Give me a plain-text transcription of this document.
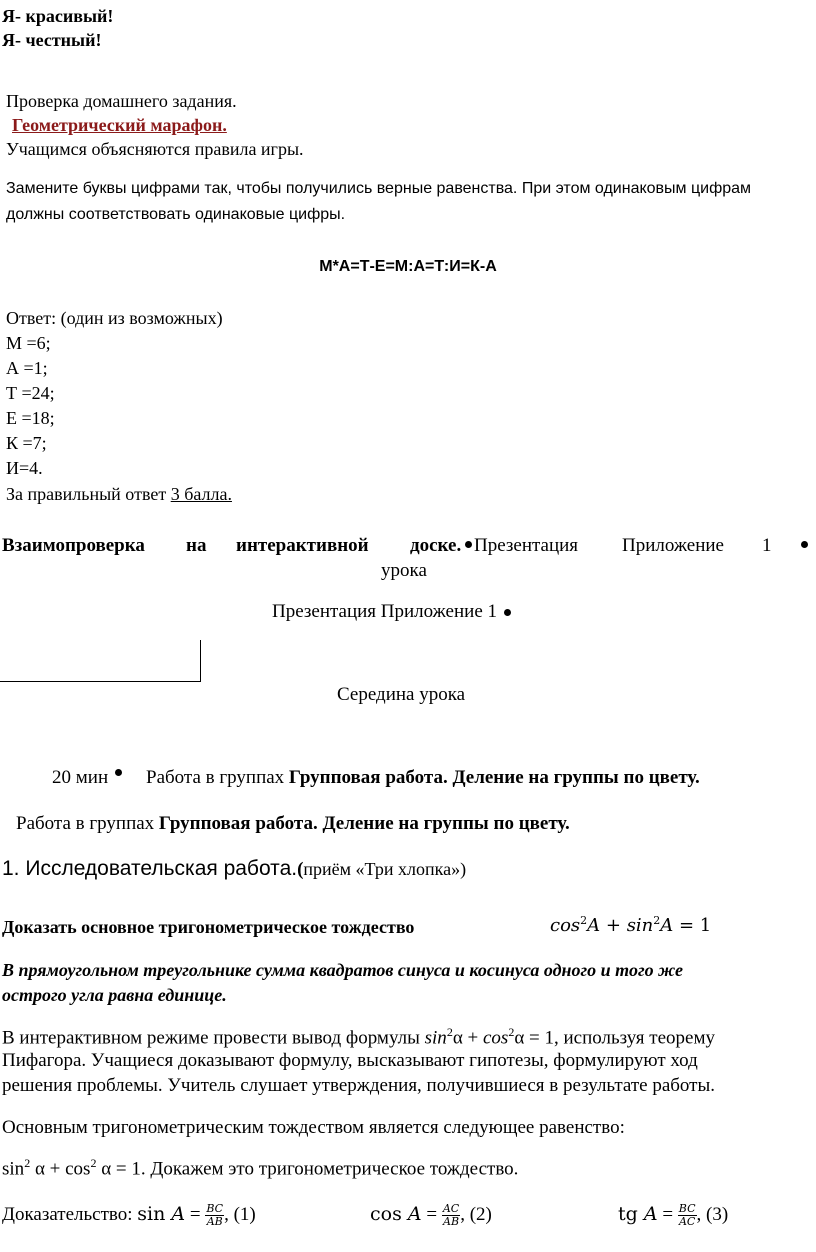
Я- красивый!
Я- честный!
Проверка домашнего задания.
Геометрический марафон.
Учащимся объясняются правила игры.
Замените буквы цифрами так, чтобы получились верные равенства. При этом одинаковым цифрам
должны соответствовать одинаковые цифры.
М*А=Т-Е=М:А=Т:И=К-А
Ответ: (один из возможных)
М =6;
А =1;
Т =24;
Е =18;
К =7;
И=4.
За правильный ответ 3 балла.
Взаимопроверка на интерактивной доске. Презентация Приложение 1
урока
Презентация Приложение 1
Середина урока
20 мин Работа в группах Групповая работа. Деление на группы по цвету.
Работа в группах Групповая работа. Деление на группы по цвету.
1. Исследовательская работа.(приём «Три хлопка»)
Доказать основное тригонометрическое тождество	$\cos^2A + \sin^2A = 1$
В прямоугольном треугольнике сумма квадратов синуса и косинуса одного и того же
острого угла равна единице.
В интерактивном режиме провести вывод формулы $\sin^2\alpha + \cos^2\alpha = 1$, используя теорему
Пифагора. Учащиеся доказывают формулу, высказывают гипотезы, формулируют ход
решения проблемы. Учитель слушает утверждения, получившиеся в результате работы.
Основным тригонометрическим тождеством является следующее равенство:
$\sin^2 \alpha + \cos^2 \alpha = 1$. Докажем это тригонометрическое тождество.
Доказательство: $\sin A = \frac{BC}{AB}$ , (1)	$\cos A = \frac{AC}{AB}$ , (2)	tg $A = \frac{BC}{AC}$ , (3)
